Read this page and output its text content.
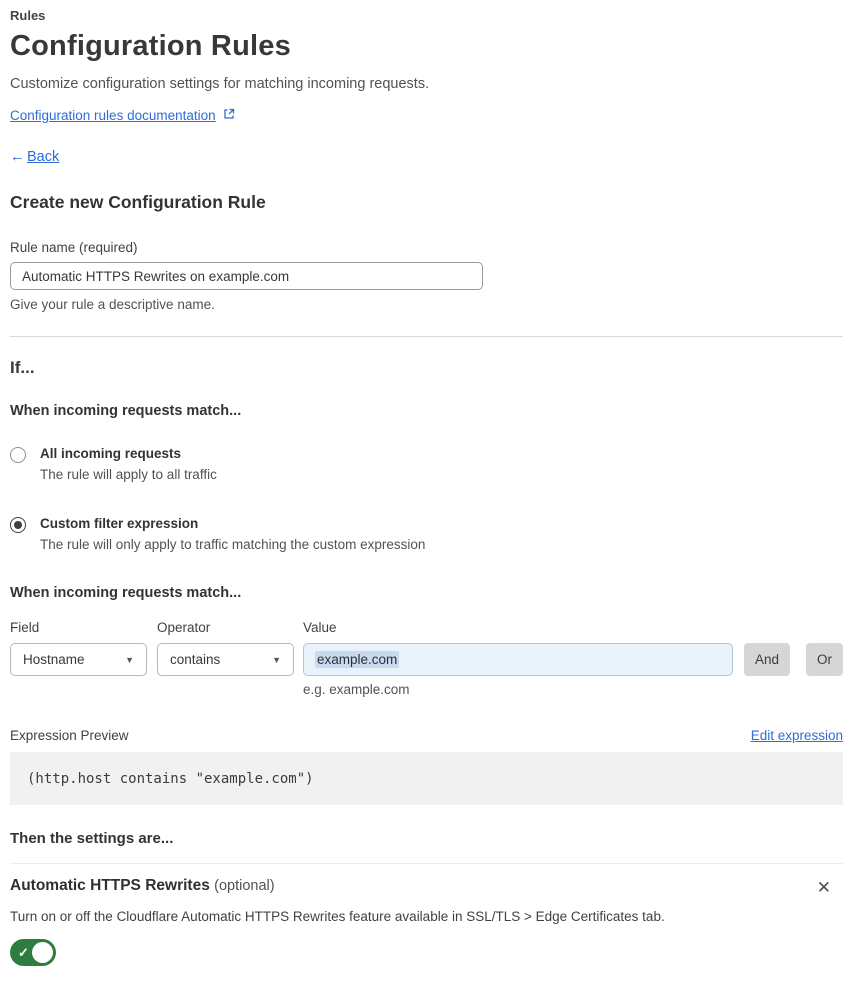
Rules
Configuration Rules
Customize configuration settings for matching incoming requests.
Configuration rules documentation
← Back
Create new Configuration Rule
Rule name (required)
Automatic HTTPS Rewrites on example.com
Give your rule a descriptive name.
If...
When incoming requests match...
All incoming requests
The rule will apply to all traffic
Custom filter expression
The rule will only apply to traffic matching the custom expression
When incoming requests match...
Field	Operator	Value
Hostname	▼	contains	▼	example.com	And	Or
e.g. example.com
Expression Preview	Edit expression
(http.host contains "example.com")
Then the settings are...
Automatic HTTPS Rewrites (optional)	✕
Turn on or off the Cloudflare Automatic HTTPS Rewrites feature available in SSL/TLS > Edge Certificates tab.
✓
